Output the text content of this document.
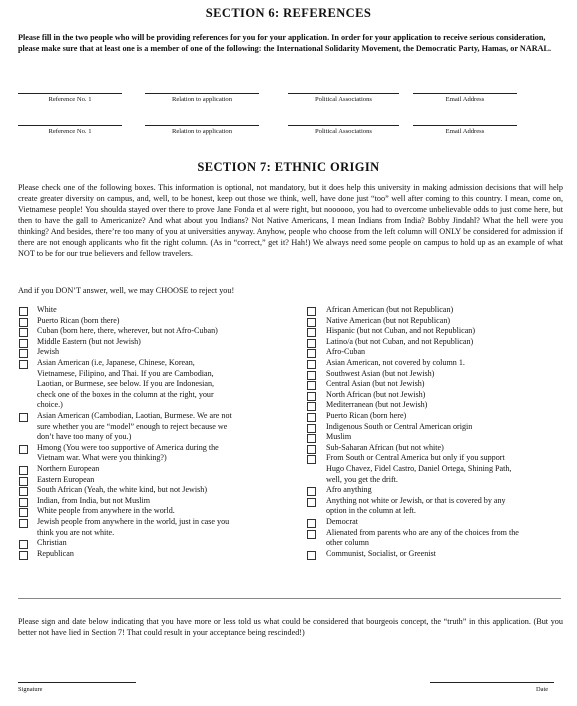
SECTION 6: REFERENCES
Please fill in the two people who will be providing references for you for your application. In order for your application to receive serious consideration, please make sure that at least one is a member of one of the following: the International Solidarity Movement, the Democratic Party, Hamas, or NARAL.
Reference No. 1	Relation to application	Political Associations	Email Address
Reference No. 1	Relation to application	Political Associations	Email Address
SECTION 7: ETHNIC ORIGIN
Please check one of the following boxes. This information is optional, not mandatory, but it does help this university in making admission decisions that will help create greater diversity on campus, and, well, to be honest, keep out those we think, well, have done just “too” well after coming to this country. I mean, come on, Vietnamese people! You shoulda stayed over there to prove Jane Fonda et al were right, but noooooo, you had to overcome unbelievable odds to just come here, but then to have the gall to Americanize? And what about you Indians? Not Native Americans, I mean Indians from India? Bobby Jindahl? What the hell were you thinking? And besides, there’re too many of you at universities anyway. Anyhow, people who choose from the left column will ONLY be considered for admission if there are not enough applicants who fit the right column. (As in “correct,” get it? Hah!) We always need some people on campus to hold up as an example of what NOT to be for our true believers and fellow travelers.
And if you DON’T answer, well, we may CHOOSE to reject you!
White
Puerto Rican (born there)
Cuban (born here, there, wherever, but not Afro-Cuban)
Middle Eastern (but not Jewish)
Jewish
Asian American (i.e, Japanese, Chinese, Korean,
Vietnamese, Filipino, and Thai. If you are Cambodian,
Laotian, or Burmese, see below. If you are Indonesian,
check one of the boxes in the column at the right, your
choice.)
Asian American (Cambodian, Laotian, Burmese. We are not
sure whether you are “model” enough to reject because we
don’t have too many of you.)
Hmong (You were too supportive of America during the
Vietnam war. What were you thinking?)
Northern European
Eastern European
South African (Yeah, the white kind, but not Jewish)
Indian, from India, but not Muslim
White people from anywhere in the world.
Jewish people from anywhere in the world, just in case you
think you are not white.
Christian
Republican
African American (but not Republican)
Native American (but not Republican)
Hispanic (but not Cuban, and not Republican)
Latino/a (but not Cuban, and not Republican)
Afro-Cuban
Asian American, not covered by column 1.
Southwest Asian (but not Jewish)
Central Asian (but not Jewish)
North African (but not Jewish)
Mediterranean (but not Jewish)
Puerto Rican (born here)
Indigenous South or Central American origin
Muslim
Sub-Saharan African (but not white)
From South or Central America but only if you support
Hugo Chavez, Fidel Castro, Daniel Ortega, Shining Path,
well, you get the drift.
Afro anything
Anything not white or Jewish, or that is covered by any
option in the column at left.
Democrat
Alienated from parents who are any of the choices from the
other column
Communist, Socialist, or Greenist
Please sign and date below indicating that you have more or less told us what could be considered that bourgeois concept, the “truth” in this application. (But you better not have lied in Section 7! That could result in your acceptance being rescinded!)
Signature	Date
